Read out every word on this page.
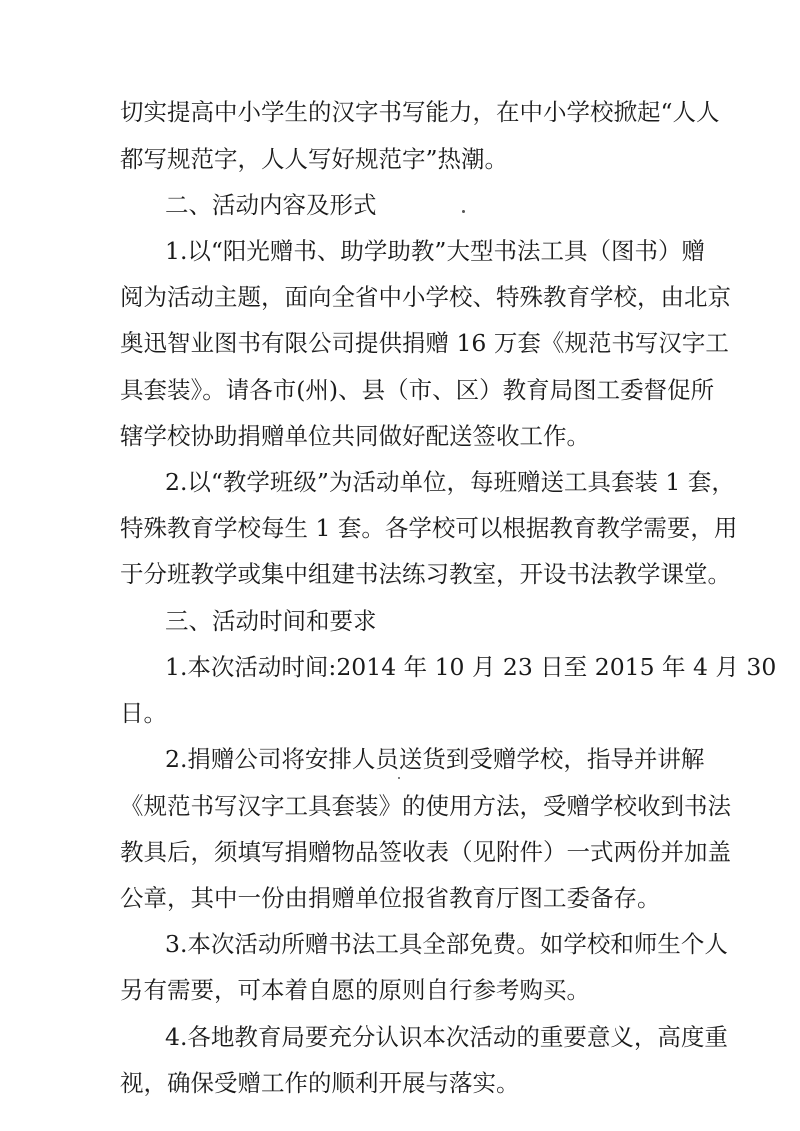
切实提高中小学生的汉字书写能力，在中小学校掀起“人人
都写规范字，人人写好规范字”热潮。
二、活动内容及形式
1.以“阳光赠书、助学助教”大型书法工具（图书）赠
阅为活动主题，面向全省中小学校、特殊教育学校，由北京
奥迅智业图书有限公司提供捐赠 16 万套《规范书写汉字工
具套装》。请各市(州)、县（市、区）教育局图工委督促所
辖学校协助捐赠单位共同做好配送签收工作。
2.以“教学班级”为活动单位，每班赠送工具套装 1 套，
特殊教育学校每生 1 套。各学校可以根据教育教学需要，用
于分班教学或集中组建书法练习教室，开设书法教学课堂。
三、活动时间和要求
1.本次活动时间:2014 年 10 月 23 日至 2015 年 4 月 30
日。
2.捐赠公司将安排人员送货到受赠学校，指导并讲解
《规范书写汉字工具套装》的使用方法，受赠学校收到书法
教具后，须填写捐赠物品签收表（见附件）一式两份并加盖
公章，其中一份由捐赠单位报省教育厅图工委备存。
3.本次活动所赠书法工具全部免费。如学校和师生个人
另有需要，可本着自愿的原则自行参考购买。
4.各地教育局要充分认识本次活动的重要意义，高度重
视，确保受赠工作的顺利开展与落实。
